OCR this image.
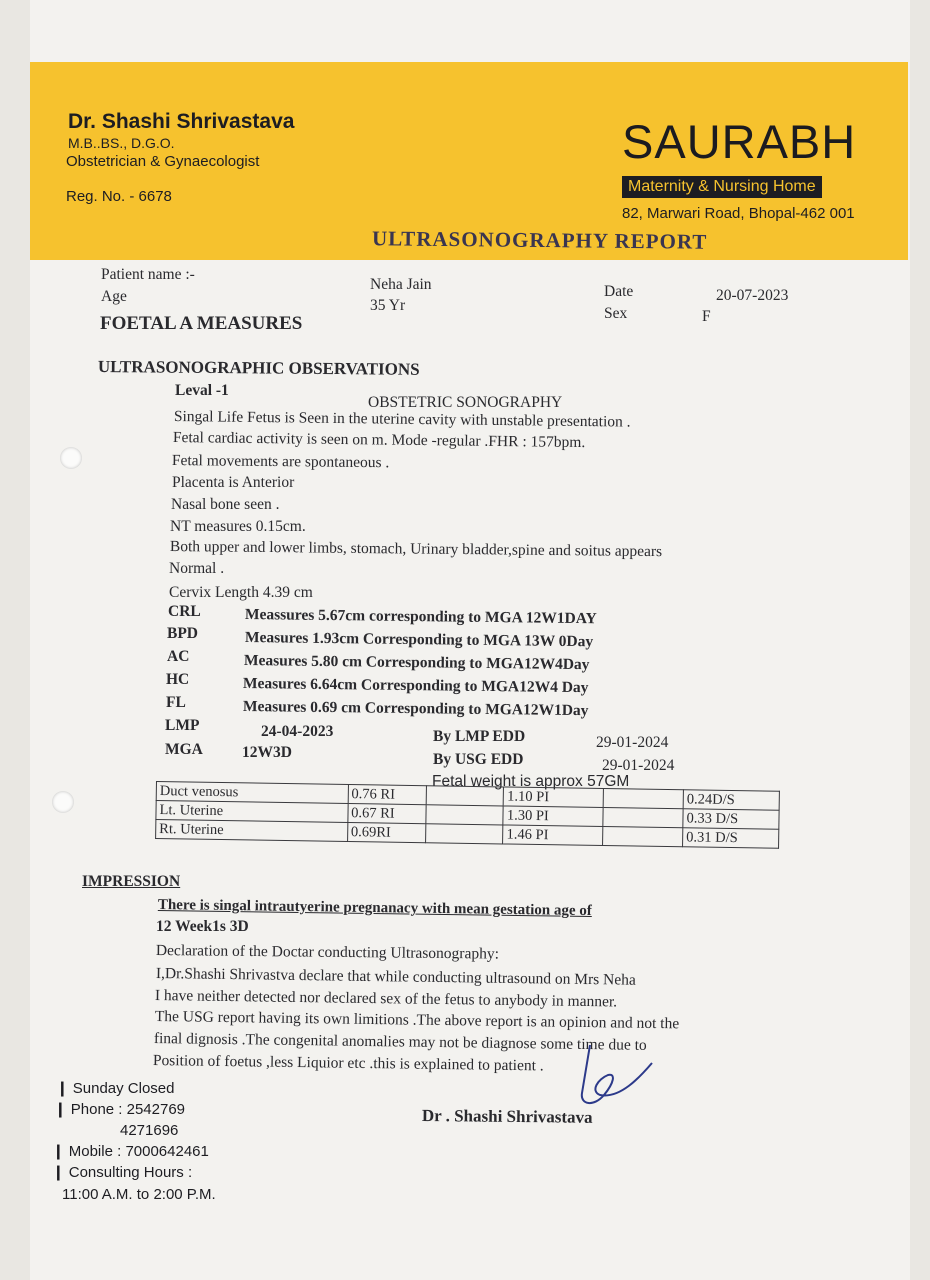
Dr. Shashi Shrivastava
M.B..BS., D.G.O.
Obstetrician & Gynaecologist
Reg. No. - 6678
SAURABH
Maternity & Nursing Home
82, Marwari Road, Bhopal-462 001
ULTRASONOGRAPHY REPORT
Patient name :-
Neha Jain
Age
35 Yr
Date	20-07-2023
Sex	F
FOETAL A MEASURES
ULTRASONOGRAPHIC OBSERVATIONS
Leval -1
OBSTETRIC SONOGRAPHY
Singal Life Fetus is Seen in the uterine cavity with unstable presentation .
Fetal cardiac activity is seen on m. Mode -regular .FHR : 157bpm.
Fetal movements are spontaneous .
Placenta is Anterior
Nasal bone seen .
NT measures 0.15cm.
Both upper and lower limbs, stomach, Urinary bladder,spine and soitus appears
Normal .
Cervix Length 4.39 cm
CRL	Meassures 5.67cm corresponding to MGA 12W1DAY
BPD	Measures 1.93cm Corresponding to MGA 13W 0Day
AC	Measures 5.80 cm Corresponding to MGA12W4Day
HC	Measures 6.64cm Corresponding to MGA12W4 Day
FL	Measures 0.69 cm Corresponding to MGA12W1Day
LMP	24-04-2023
MGA	12W3D
By LMP EDD	29-01-2024
By USG EDD	29-01-2024
Fetal weight is approx 57GM
Duct venosus	0.76 RI		1.10 PI		0.24D/S
Lt. Uterine	0.67 RI		1.30 PI		0.33 D/S
Rt. Uterine	0.69RI		1.46 PI		0.31 D/S
IMPRESSION
There is singal intrautyerine pregnanacy with mean gestation age of
12 Week1s 3D
Declaration of the Doctar conducting Ultrasonography:
I,Dr.Shashi Shrivastva declare that while conducting ultrasound on Mrs Neha
I have neither detected nor declared sex of the fetus to anybody in manner.
The USG report having its own limitions .The above report is an opinion and not the
final dignosis .The congenital anomalies may not be diagnose some time due to
Position of foetus ,less Liquior etc .this is explained to patient .
Dr . Shashi Shrivastava
❙ Sunday Closed
❙ Phone : 2542769
4271696
❙ Mobile : 7000642461
❙ Consulting Hours :
11:00 A.M. to 2:00 P.M.
